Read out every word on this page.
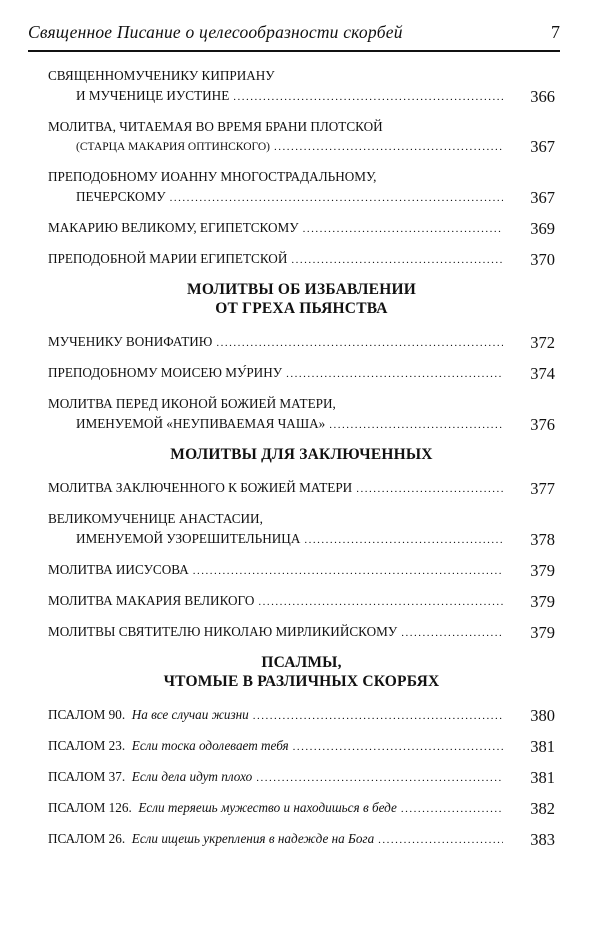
Священное Писание о целесообразности скорбей	7
СВЯЩЕННОМУЧЕНИКУ КИПРИАНУ
И МУЧЕНИЦЕ ИУСТИНЕ .....	366
МОЛИТВА, ЧИТАЕМАЯ ВО ВРЕМЯ БРАНИ ПЛОТСКОЙ
(СТАРЦА МАКАРИЯ ОПТИНСКОГО) .....	367
ПРЕПОДОБНОМУ ИОАННУ МНОГОСТРАДАЛЬНОМУ,
ПЕЧЕРСКОМУ .....	367
МАКАРИЮ ВЕЛИКОМУ, ЕГИПЕТСКОМУ .....	369
ПРЕПОДОБНОЙ МАРИИ ЕГИПЕТСКОЙ .....	370
МОЛИТВЫ ОБ ИЗБАВЛЕНИИ
ОТ ГРЕХА ПЬЯНСТВА
МУЧЕНИКУ ВОНИФАТИЮ .....	372
ПРЕПОДОБНОМУ МОИСЕЮ МУ́РИНУ .....	374
МОЛИТВА ПЕРЕД ИКОНОЙ БОЖИЕЙ МАТЕРИ,
ИМЕНУЕМОЙ «НЕУПИВАЕМАЯ ЧАША» .....	376
МОЛИТВЫ ДЛЯ ЗАКЛЮЧЕННЫХ
МОЛИТВА ЗАКЛЮЧЕННОГО К БОЖИЕЙ МАТЕРИ .....	377
ВЕЛИКОМУЧЕНИЦЕ АНАСТАСИИ,
ИМЕНУЕМОЙ УЗОРЕШИТЕЛЬНИЦА .....	378
МОЛИТВА ИИСУСОВА .....	379
МОЛИТВА МАКАРИЯ ВЕЛИКОГО .....	379
МОЛИТВЫ СВЯТИТЕЛЮ НИКОЛАЮ МИРЛИКИЙСКОМУ .....	379
ПСАЛМЫ,
ЧТОМЫЕ В РАЗЛИЧНЫХ СКОРБЯХ
ПСАЛОМ 90.
На все случаи жизни .....	380
ПСАЛОМ 23.
Если тоска одолевает тебя .....	381
ПСАЛОМ 37.
Если дела идут плохо .....	381
ПСАЛОМ 126.
Если теряешь мужество и находишься в беде .....	382
ПСАЛОМ 26.
Если ищешь укрепления в надежде на Бога .....	383
